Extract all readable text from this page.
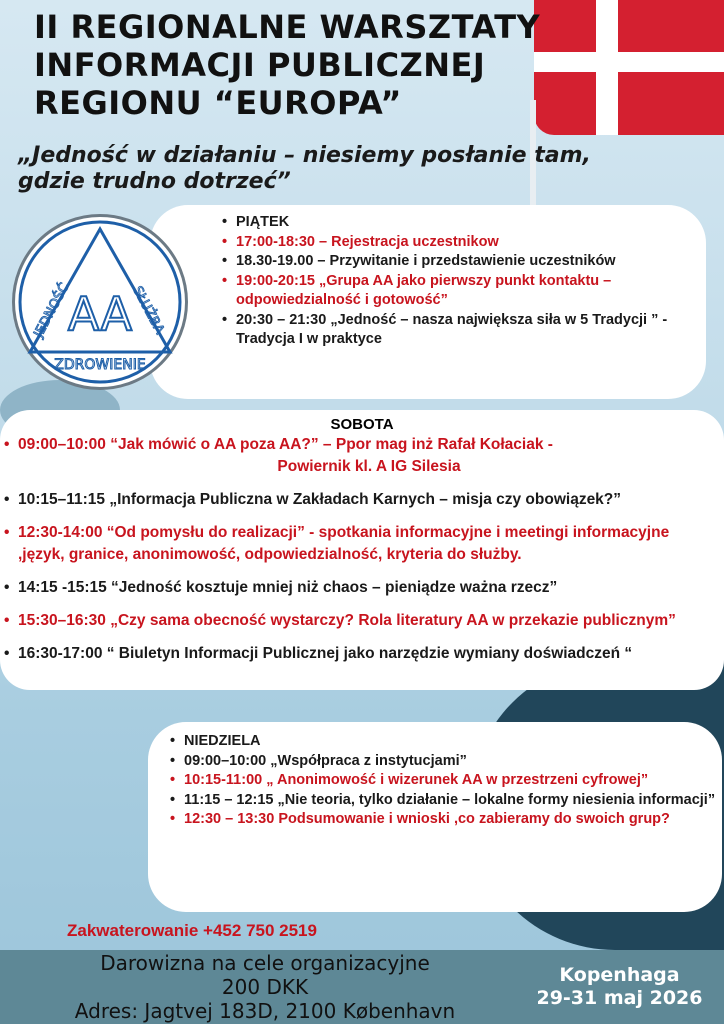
II REGIONALNE WARSZTATY
INFORMACJI PUBLICZNEJ
REGIONU “EUROPA”
„Jedność w działaniu – niesiemy posłanie tam,
gdzie trudno dotrzeć”
AA
ZDROWIENIE
JEDNOŚĆ	SŁUŻBA
• PIĄTEK
• 17:00-18:30 – Rejestracja uczestnikow
• 18.30-19.00 – Przywitanie i przedstawienie uczestników
• 19:00-20:15 „Grupa AA jako pierwszy punkt kontaktu – odpowiedzialność i gotowość”
• 20:30 – 21:30 „Jedność – nasza największa siła w 5 Tradycji ” - Tradycja I w praktyce
SOBOTA
• 09:00–10:00 “Jak mówić o AA poza AA?” – Ppor mag inż Rafał Kołaciak -

Powiernik kl. A IG Silesia
• 10:15–11:15 „Informacja Publiczna w Zakładach Karnych – misja czy obowiązek?”
• 12:30-14:00 “Od pomysłu do realizacji” - spotkania informacyjne i meetingi informacyjne ,język, granice, anonimowość, odpowiedzialność, kryteria do służby.
• 14:15 -15:15 “Jedność kosztuje mniej niż chaos – pieniądze ważna rzecz”
• 15:30–16:30 „Czy sama obecność wystarczy? Rola literatury AA w przekazie publicznym”
• 16:30-17:00 “ Biuletyn Informacji Publicznej jako narzędzie wymiany doświadczeń “
• NIEDZIELA
• 09:00–10:00 „Współpraca z instytucjami”
• 10:15-11:00 „ Anonimowość i wizerunek AA w przestrzeni cyfrowej”
• 11:15 – 12:15 „Nie teoria, tylko działanie – lokalne formy niesienia informacji”
• 12:30 – 13:30 Podsumowanie i wnioski ,co zabieramy do swoich grup?
Zakwaterowanie +452 750 2519
Darowizna na cele organizacyjne
200 DKK
Adres: Jagtvej 183D, 2100 København
Kopenhaga
29-31 maj 2026
